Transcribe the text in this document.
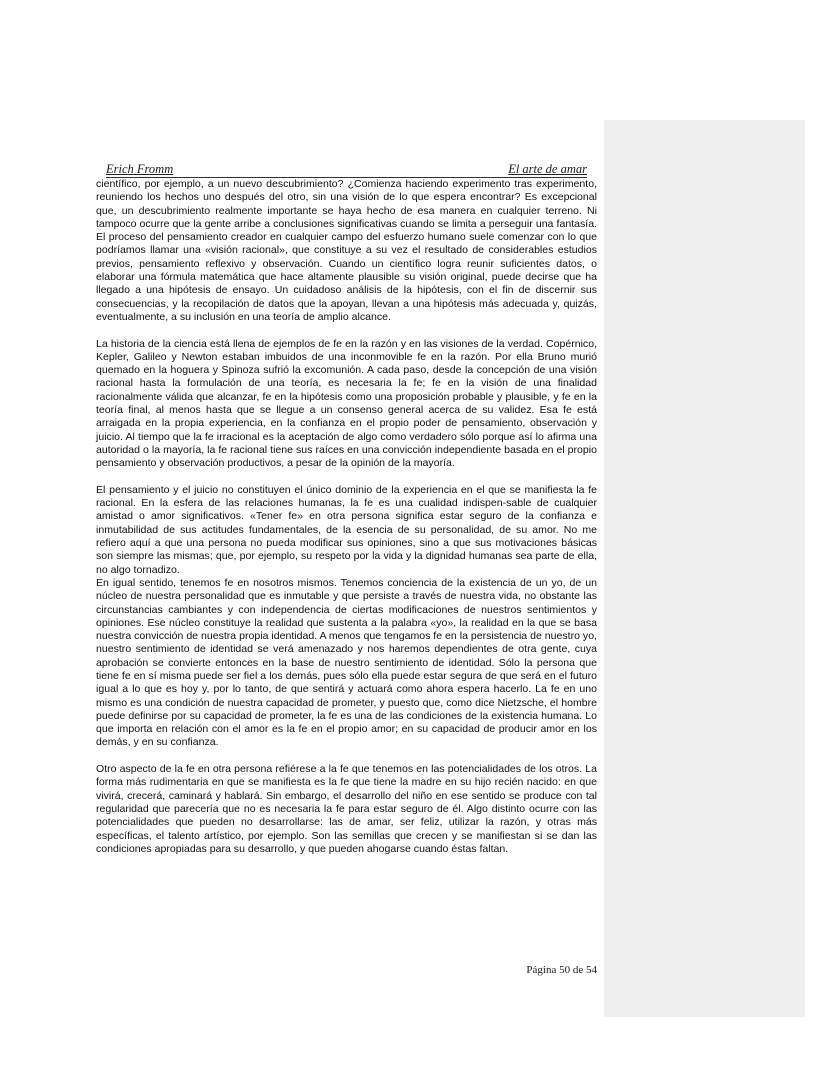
Erich Fromm	El arte de amar

científico, por ejemplo, a un nuevo descubrimiento? ¿Comienza haciendo experimento tras experimento, reuniendo los hechos uno después del otro, sin una visión de lo que espera encontrar? Es excepcional que, un descubrimiento realmente importante se haya hecho de esa manera en cualquier terreno. Ni tampoco ocurre que la gente arribe a conclusiones significativas cuando se limita a perseguir una fantasía. El proceso del pensamiento creador en cualquier campo del esfuerzo humano suele comenzar con lo que podríamos llamar una «visión racional», que constituye a su vez el resultado de considerables estudios previos, pensamiento reflexivo y observación. Cuando un científico logra reunir suficientes datos, o elaborar una fórmula matemática que hace altamente plausible su visión original, puede decirse que ha llegado a una hipótesis de ensayo. Un cuidadoso análisis de la hipótesis, con el fin de discernir sus consecuencias, y la recopilación de datos que la apoyan, llevan a una hipótesis más adecuada y, quizás, eventualmente, a su inclusión en una teoría de amplio alcance.

La historia de la ciencia está llena de ejemplos de fe en la razón y en las visiones de la verdad. Copérnico, Kepler, Galileo y Newton estaban imbuidos de una inconmovible fe en la razón. Por ella Bruno murió quemado en la hoguera y Spinoza sufrió la excomunión. A cada paso, desde la concepción de una visión racional hasta la formulación de una teoría, es necesaria la fe; fe en la visión de una finalidad racionalmente válida que alcanzar, fe en la hipótesis como una proposición probable y plausible, y fe en la teoría final, al menos hasta que se llegue a un consenso general acerca de su validez. Esa fe está arraigada en la propia experiencia, en la confianza en el propio poder de pensamiento, observación y juicio. Al tiempo que la fe irracional es la aceptación de algo como verdadero sólo porque así lo afirma una autoridad o la mayoría, la fe racional tiene sus raíces en una convicción independiente basada en el propio pensamiento y observación productivos, a pesar de la opinión de la mayoría.

El pensamiento y el juicio no constituyen el único dominio de la experiencia en el que se manifiesta la fe racional. En la esfera de las relaciones humanas, la fe es una cualidad indispen-sable de cualquier amistad o amor significativos. «Tener fe» en otra persona significa estar seguro de la confianza e inmutabilidad de sus actitudes fundamentales, de la esencia de su personalidad, de su amor. No me refiero aquí a que una persona no pueda modificar sus opiniones, sino a que sus motivaciones básicas son siempre las mismas; que, por ejemplo, su respeto por la vida y la dignidad humanas sea parte de ella, no algo tornadizo.

En igual sentido, tenemos fe en nosotros mismos. Tenemos conciencia de la existencia de un yo, de un núcleo de nuestra personalidad que es inmutable y que persiste a través de nuestra vida, no obstante las circunstancias cambiantes y con independencia de ciertas modificaciones de nuestros sentimientos y opiniones. Ese núcleo constituye la realidad que sustenta a la palabra «yo», la realidad en la que se basa nuestra convicción de nuestra propia identidad. A menos que tengamos fe en la persistencia de nuestro yo, nuestro sentimiento de identidad se verá amenazado y nos haremos dependientes de otra gente, cuya aprobación se convierte entonces en la base de nuestro sentimiento de identidad. Sólo la persona que tiene fe en sí misma puede ser fiel a los demás, pues sólo ella puede estar segura de que será en el futuro igual a lo que es hoy y, por lo tanto, de que sentirá y actuará como ahora espera hacerlo. La fe en uno mismo es una condición de nuestra capacidad de prometer, y puesto que, como dice Nietzsche, el hombre puede definirse por su capacidad de prometer, la fe es una de las condiciones de la existencia humana. Lo que importa en relación con el amor es la fe en el propio amor; en su capacidad de producir amor en los demás, y en su confianza.

Otro aspecto de la fe en otra persona refiérese a la fe que tenemos en las potencialidades de los otros. La forma más rudimentaria en que se manifiesta es la fe que tiene la madre en su hijo recién nacido: en que vivirá, crecerá, caminará y hablará. Sin embargo, el desarrollo del niño en ese sentido se produce con tal regularidad que parecería que no es necesaria la fe para estar seguro de él. Algo distinto ocurre con las potencialidades que pueden no desarrollarse: las de amar, ser feliz, utilizar la razón, y otras más específicas, el talento artístico, por ejemplo. Son las semillas que crecen y se manifiestan si se dan las condiciones apropiadas para su desarrollo, y que pueden ahogarse cuando éstas faltan.

Página 50 de 54
